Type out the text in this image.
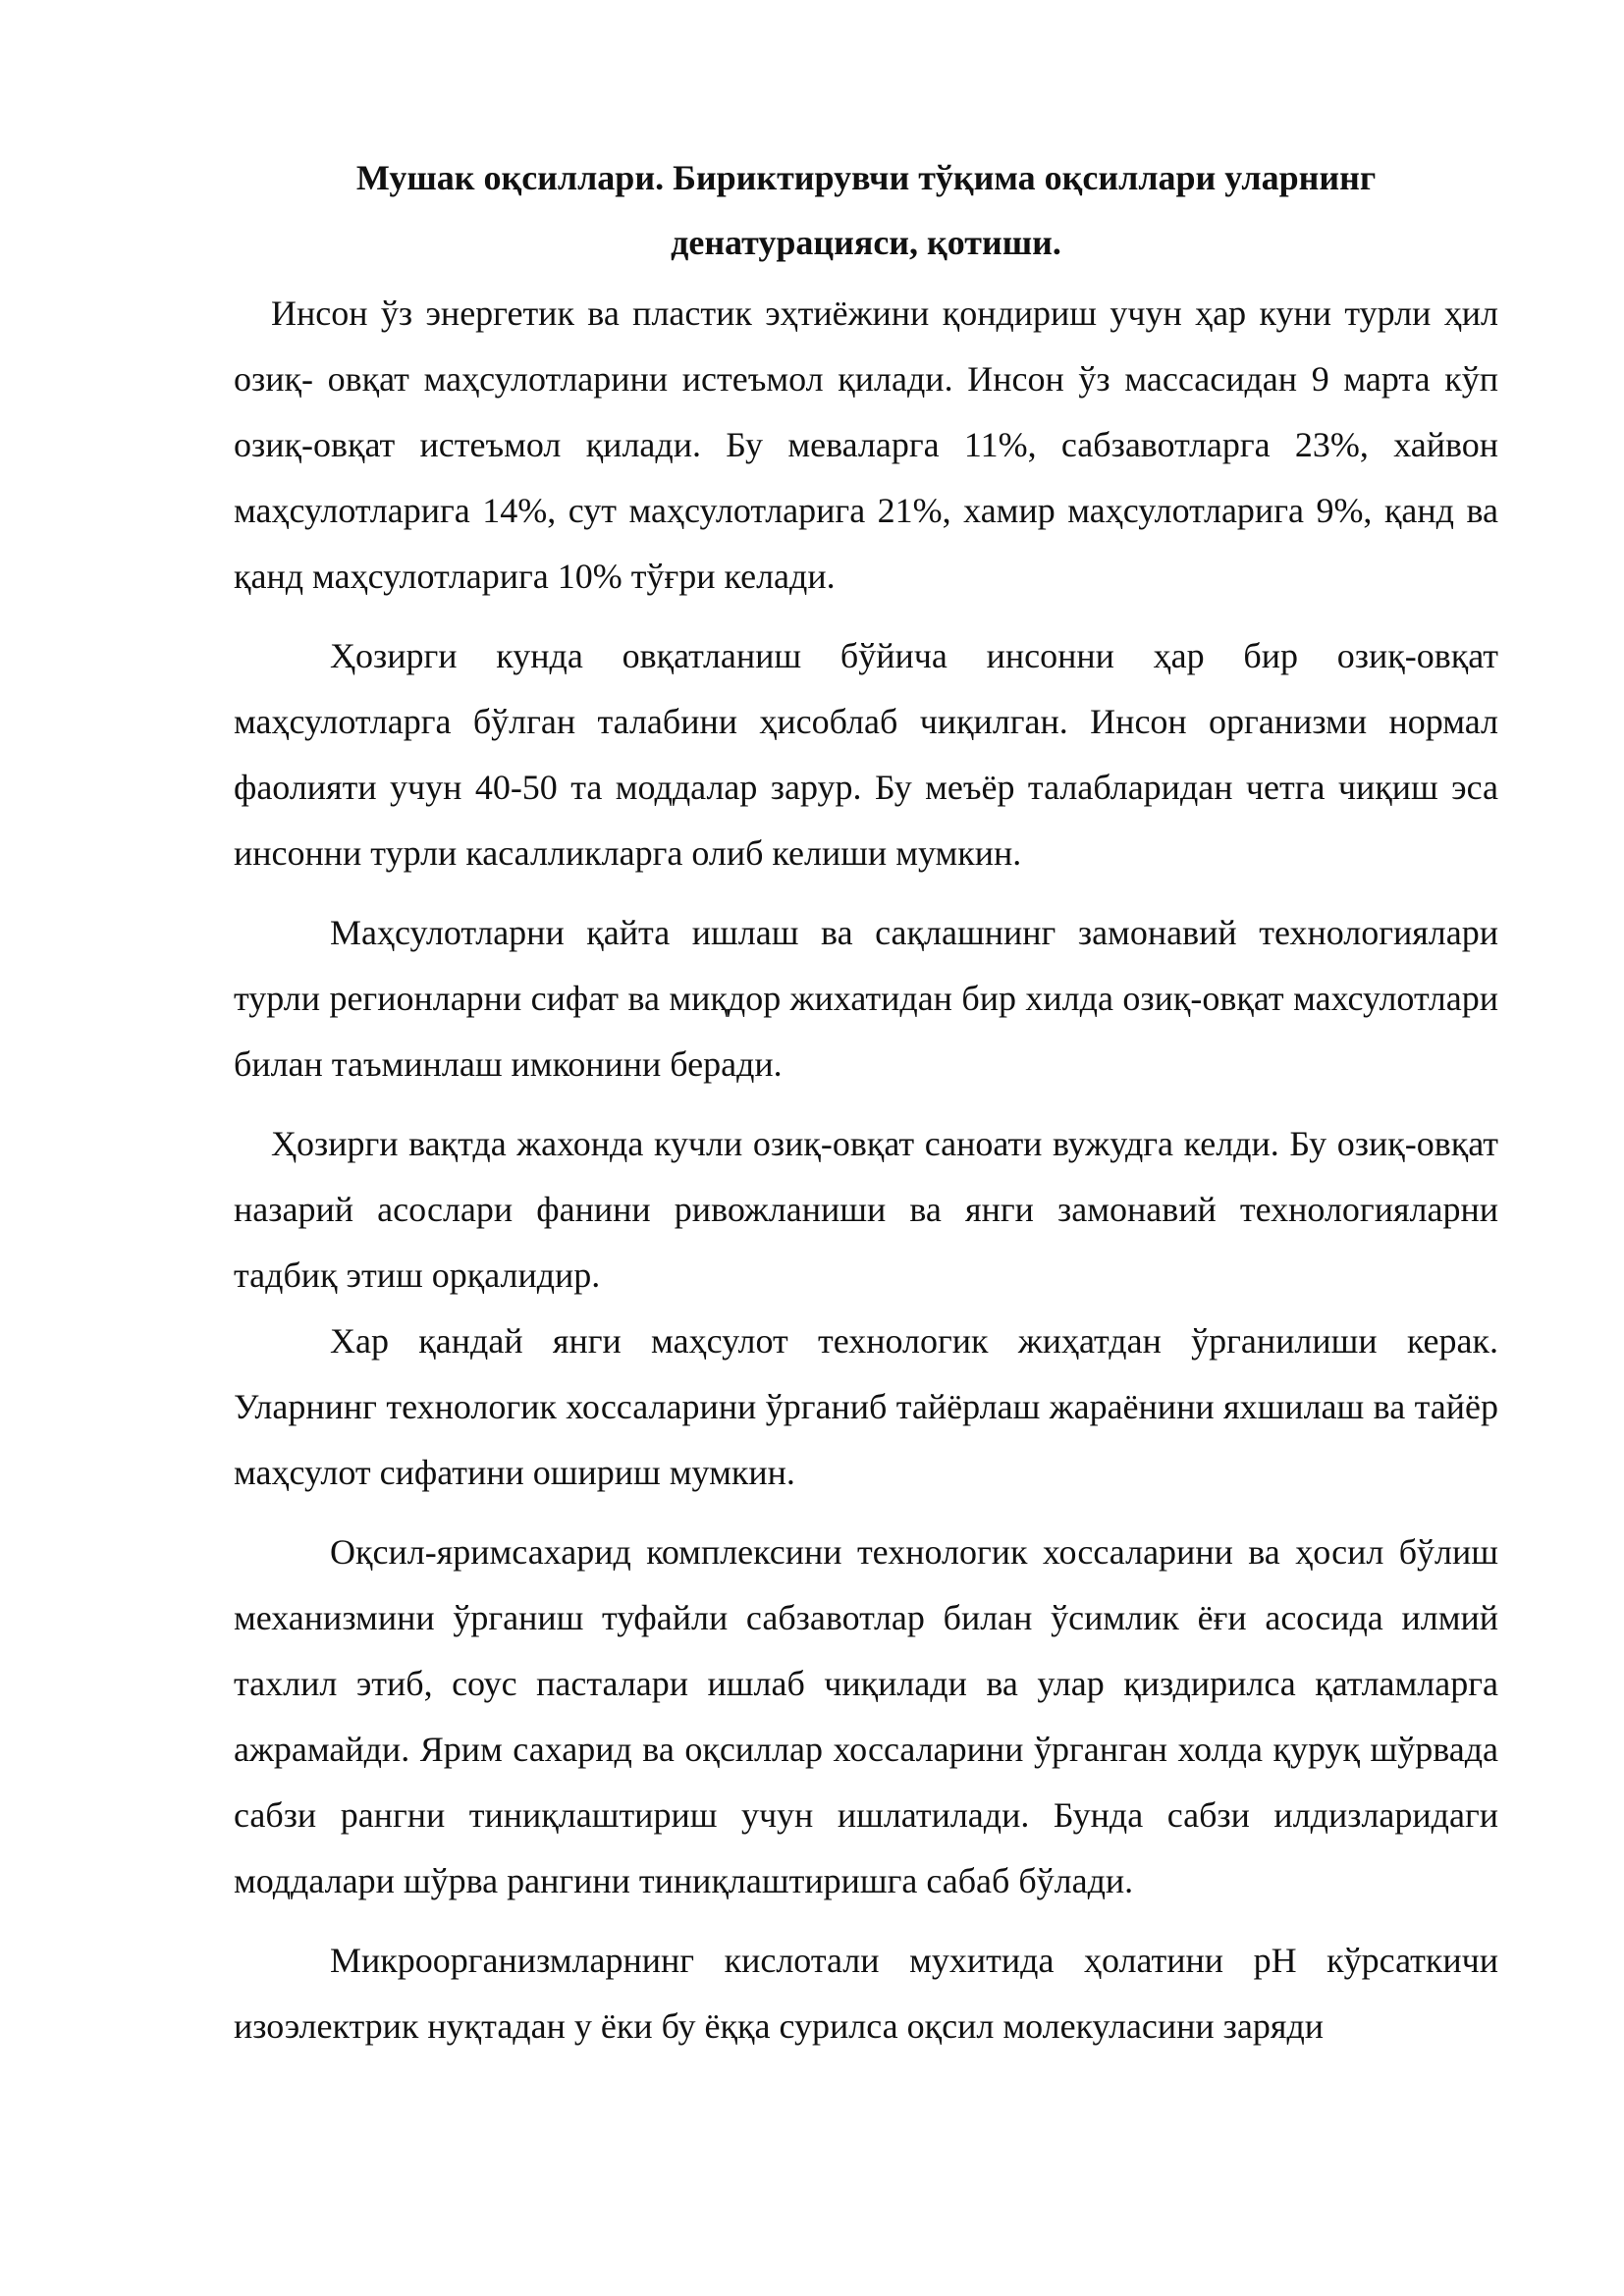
Мушак оқсиллари. Бириктирувчи тўқима оқсиллари уларнинг
денатурацияси, қотиши.

Инсон ўз энергетик ва пластик эҳтиёжини қондириш учун ҳар куни турли ҳил озиқ- овқат маҳсулотларини истеъмол қилади. Инсон ўз массасидан 9 марта кўп озиқ-овқат истеъмол қилади. Бу меваларга 11%, сабзавотларга 23%, хайвон маҳсулотларига 14%, сут маҳсулотларига 21%, хамир маҳсулотларига 9%, қанд ва қанд маҳсулотларига 10% тўғри келади.

Ҳозирги кунда овқатланиш бўйича инсонни ҳар бир озиқ-овқат маҳсулотларга бўлган талабини ҳисоблаб чиқилган. Инсон организми нормал фаолияти учун 40-50 та моддалар зарур. Бу меъёр талабларидан четга чиқиш эса инсонни турли касалликларга олиб келиши мумкин.

Маҳсулотларни қайта ишлаш ва сақлашнинг замонавий технологиялари турли регионларни сифат ва миқдор жихатидан бир хилда озиқ-овқат махсулотлари билан таъминлаш имконини беради.

Ҳозирги вақтда жахонда кучли озиқ-овқат саноати вужудга келди. Бу озиқ-овқат назарий асослари фанини ривожланиши ва янги замонавий технологияларни тадбиқ этиш орқалидир.

Хар қандай янги маҳсулот технологик жиҳатдан ўрганилиши керак. Уларнинг технологик хоссаларини ўрганиб тайёрлаш жараёнини яхшилаш ва тайёр маҳсулот сифатини ошириш мумкин.

Оқсил-яримсахарид комплексини технологик хоссаларини ва ҳосил бўлиш механизмини ўрганиш туфайли сабзавотлар билан ўсимлик ёғи асосида илмий тахлил этиб, соус пасталари ишлаб чиқилади ва улар қиздирилса қатламларга ажрамайди. Ярим сахарид ва оқсиллар хоссаларини ўрганган холда қуруқ шўрвада сабзи рангни тиниқлаштириш учун ишлатилади. Бунда сабзи илдизларидаги моддалари шўрва рангини тиниқлаштиришга сабаб бўлади.

Микроорганизмларнинг кислотали мухитида ҳолатини pH кўрсаткичи изоэлектрик нуқтадан у ёки бу ёққа сурилса оқсил молекуласини заряди
